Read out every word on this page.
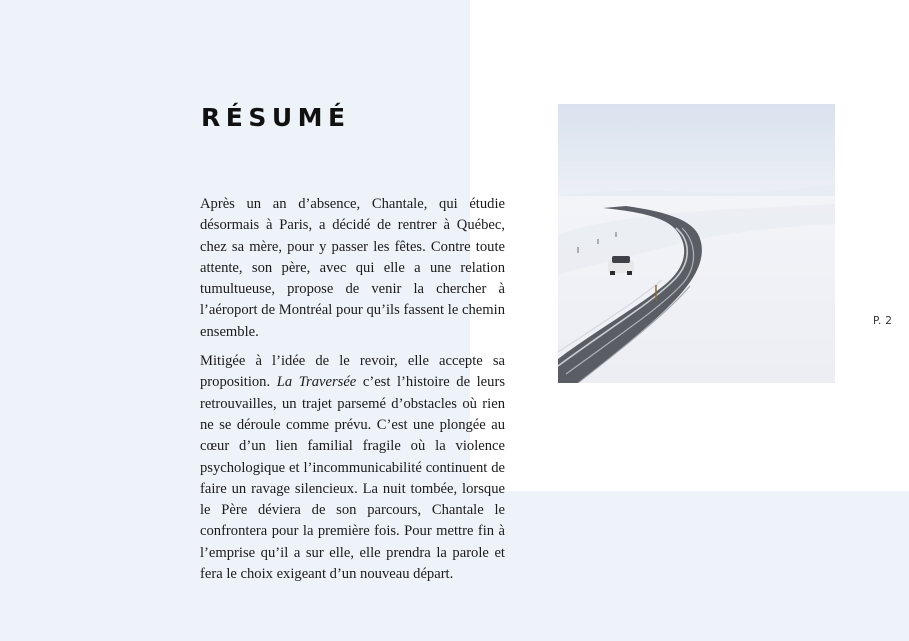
RÉSUMÉ

Après un an d’absence, Chantale, qui étudie désormais à Paris, a décidé de rentrer à Québec, chez sa mère, pour y passer les fêtes. Contre toute attente, son père, avec qui elle a une relation tumultueuse, propose de venir la chercher à l’aéroport de Montréal pour qu’ils fassent le chemin ensemble.

Mitigée à l’idée de le revoir, elle accepte sa proposition. La Traversée c’est l’histoire de leurs retrouvailles, un trajet parsemé d’obstacles où rien ne se déroule comme prévu. C’est une plongée au cœur d’un lien familial fragile où la violence psychologique et l’incommunicabilité continuent de faire un ravage silencieux. La nuit tombée, lorsque le Père déviera de son parcours, Chantale le confrontera pour la première fois. Pour mettre fin à l’emprise qu’il a sur elle, elle prendra la parole et fera le choix exigeant d’un nouveau départ.

P. 2
